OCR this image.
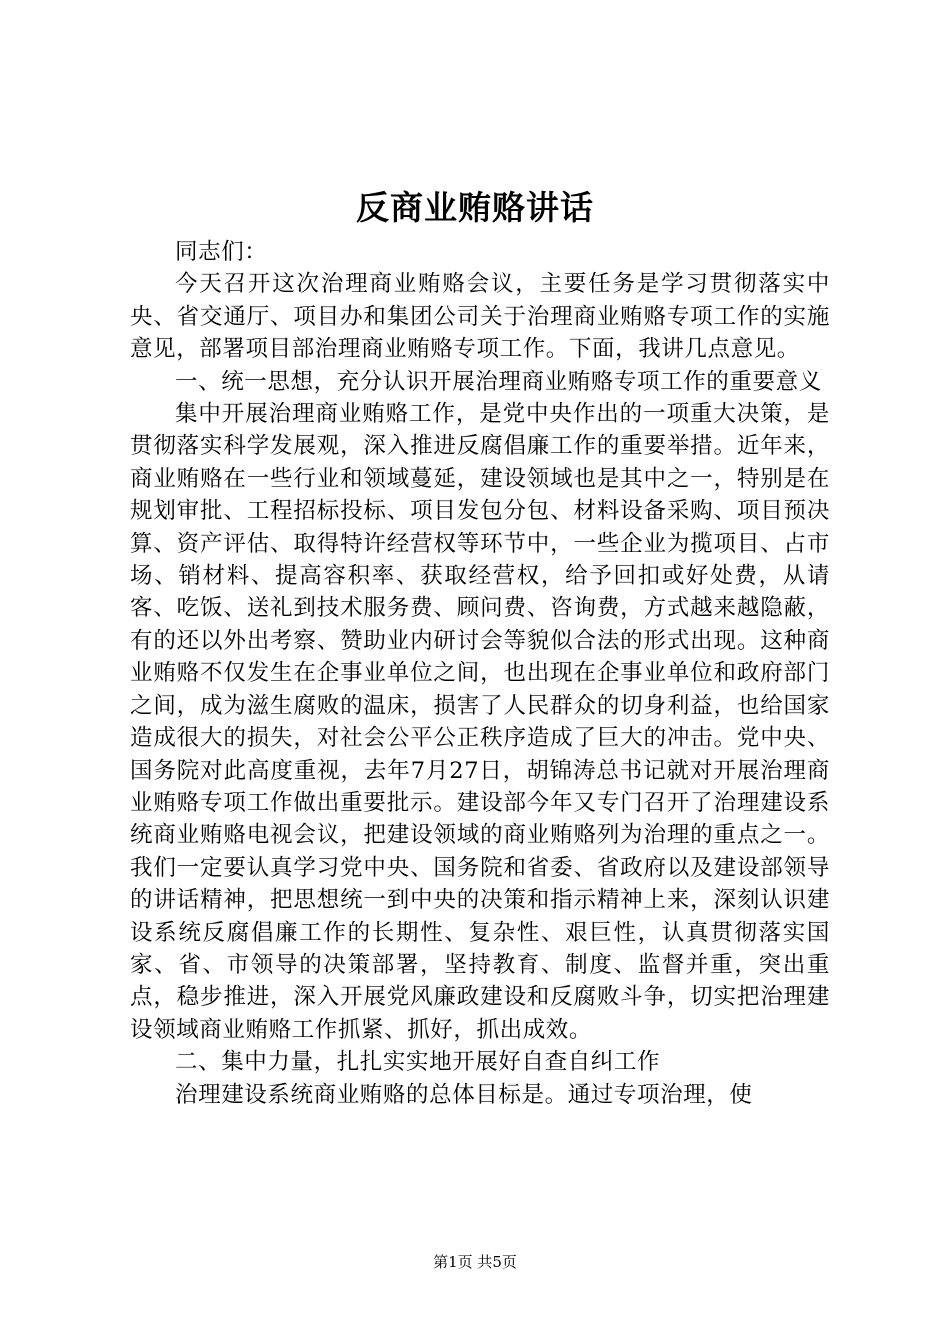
反商业贿赂讲话

同志们：

今天召开这次治理商业贿赂会议，主要任务是学习贯彻落实中央、省交通厅、项目办和集团公司关于治理商业贿赂专项工作的实施意见，部署项目部治理商业贿赂专项工作。下面，我讲几点意见。

一、统一思想，充分认识开展治理商业贿赂专项工作的重要意义

集中开展治理商业贿赂工作，是党中央作出的一项重大决策，是贯彻落实科学发展观，深入推进反腐倡廉工作的重要举措。近年来，商业贿赂在一些行业和领域蔓延，建设领域也是其中之一，特别是在规划审批、工程招标投标、项目发包分包、材料设备采购、项目预决算、资产评估、取得特许经营权等环节中，一些企业为揽项目、占市场、销材料、提高容积率、获取经营权，给予回扣或好处费，从请客、吃饭、送礼到技术服务费、顾问费、咨询费，方式越来越隐蔽，有的还以外出考察、赞助业内研讨会等貌似合法的形式出现。这种商业贿赂不仅发生在企事业单位之间，也出现在企事业单位和政府部门之间，成为滋生腐败的温床，损害了人民群众的切身利益，也给国家造成很大的损失，对社会公平公正秩序造成了巨大的冲击。党中央、国务院对此高度重视，去年7月27日，胡锦涛总书记就对开展治理商业贿赂专项工作做出重要批示。建设部今年又专门召开了治理建设系统商业贿赂电视会议，把建设领域的商业贿赂列为治理的重点之一。我们一定要认真学习党中央、国务院和省委、省政府以及建设部领导的讲话精神，把思想统一到中央的决策和指示精神上来，深刻认识建设系统反腐倡廉工作的长期性、复杂性、艰巨性，认真贯彻落实国家、省、市领导的决策部署，坚持教育、制度、监督并重，突出重点，稳步推进，深入开展党风廉政建设和反腐败斗争，切实把治理建设领域商业贿赂工作抓紧、抓好，抓出成效。

二、集中力量，扎扎实实地开展好自查自纠工作

治理建设系统商业贿赂的总体目标是。通过专项治理，使

第1页 共5页
